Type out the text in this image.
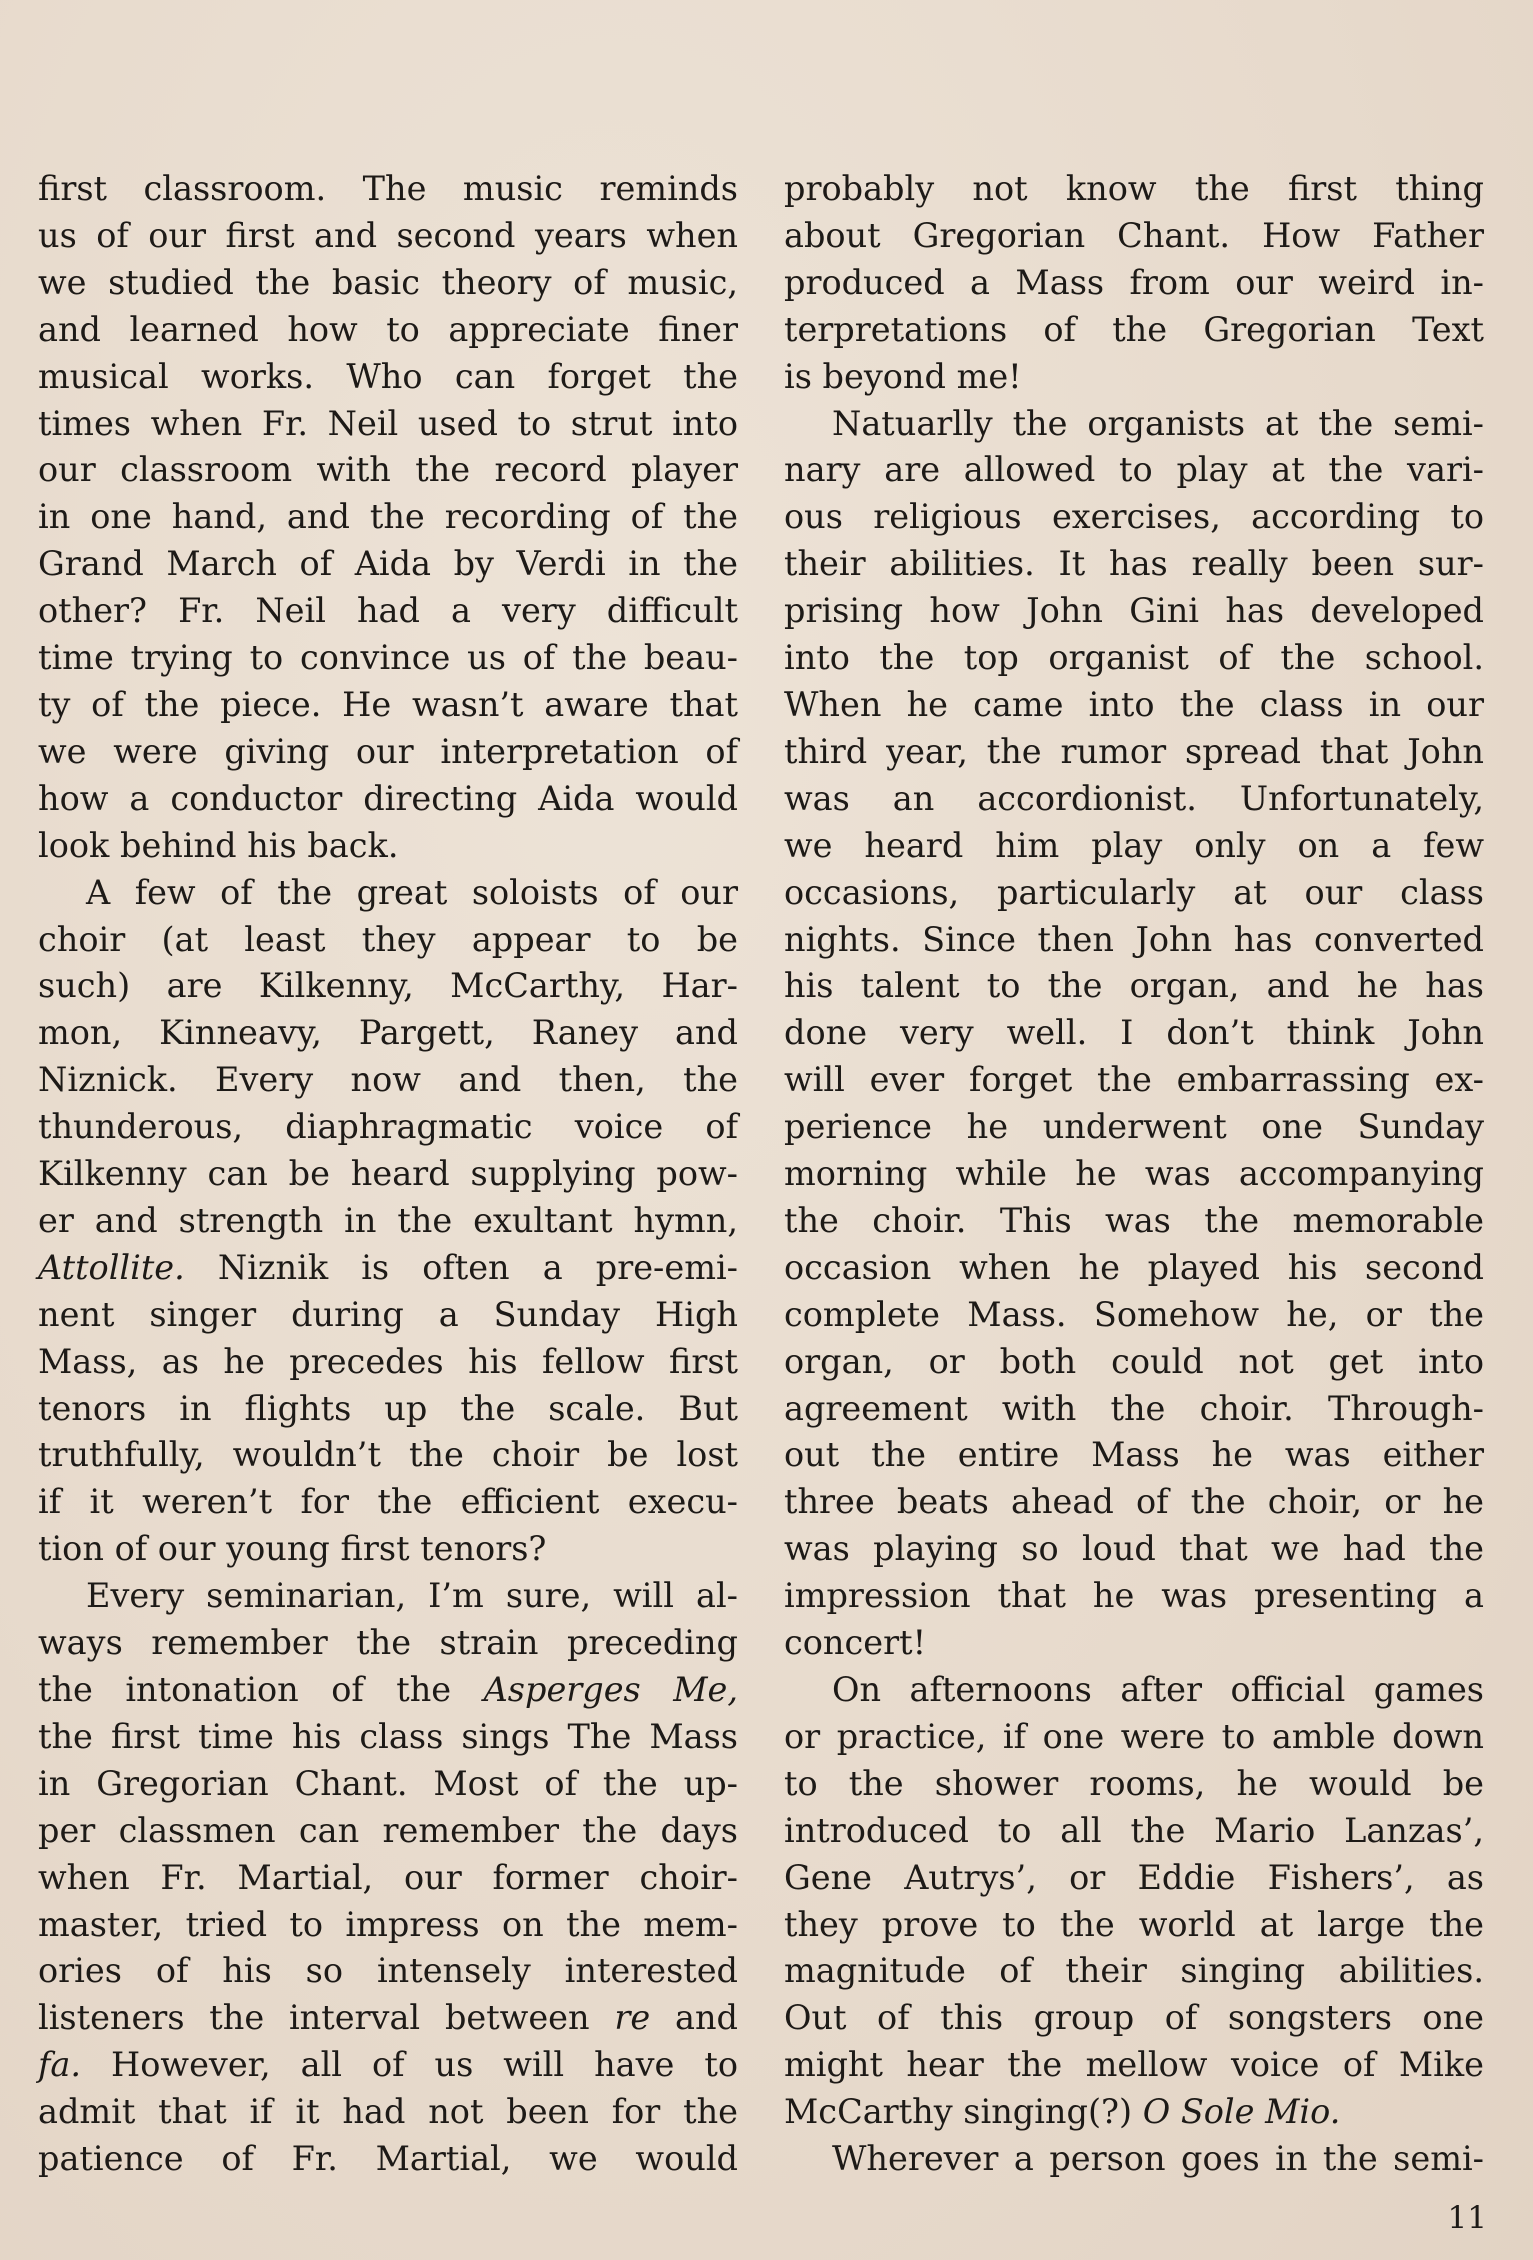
first classroom. The music reminds
us of our first and second years when
we studied the basic theory of music,
and learned how to appreciate finer
musical works. Who can forget the
times when Fr. Neil used to strut into
our classroom with the record player
in one hand, and the recording of the
Grand March of Aida by Verdi in the
other? Fr. Neil had a very difficult
time trying to convince us of the beau-
ty of the piece. He wasn’t aware that
we were giving our interpretation of
how a conductor directing Aida would
look behind his back.

A few of the great soloists of our
choir (at least they appear to be
such) are Kilkenny, McCarthy, Har-
mon, Kinneavy, Pargett, Raney and
Niznick. Every now and then, the
thunderous, diaphragmatic voice of
Kilkenny can be heard supplying pow-
er and strength in the exultant hymn,
Attollite. Niznik is often a pre-emi-
nent singer during a Sunday High
Mass, as he precedes his fellow first
tenors in flights up the scale. But
truthfully, wouldn’t the choir be lost
if it weren’t for the efficient execu-
tion of our young first tenors?

Every seminarian, I’m sure, will al-
ways remember the strain preceding
the intonation of the Asperges Me,
the first time his class sings The Mass
in Gregorian Chant. Most of the up-
per classmen can remember the days
when Fr. Martial, our former choir-
master, tried to impress on the mem-
ories of his so intensely interested
listeners the interval between re and
fa. However, all of us will have to
admit that if it had not been for the
patience of Fr. Martial, we would

probably not know the first thing
about Gregorian Chant. How Father
produced a Mass from our weird in-
terpretations of the Gregorian Text
is beyond me!

Natuarlly the organists at the semi-
nary are allowed to play at the vari-
ous religious exercises, according to
their abilities. It has really been sur-
prising how John Gini has developed
into the top organist of the school.
When he came into the class in our
third year, the rumor spread that John
was an accordionist. Unfortunately,
we heard him play only on a few
occasions, particularly at our class
nights. Since then John has converted
his talent to the organ, and he has
done very well. I don’t think John
will ever forget the embarrassing ex-
perience he underwent one Sunday
morning while he was accompanying
the choir. This was the memorable
occasion when he played his second
complete Mass. Somehow he, or the
organ, or both could not get into
agreement with the choir. Through-
out the entire Mass he was either
three beats ahead of the choir, or he
was playing so loud that we had the
impression that he was presenting a
concert!

On afternoons after official games
or practice, if one were to amble down
to the shower rooms, he would be
introduced to all the Mario Lanzas’,
Gene Autrys’, or Eddie Fishers’, as
they prove to the world at large the
magnitude of their singing abilities.
Out of this group of songsters one
might hear the mellow voice of Mike
McCarthy singing(?) O Sole Mio.

Wherever a person goes in the semi-

11
